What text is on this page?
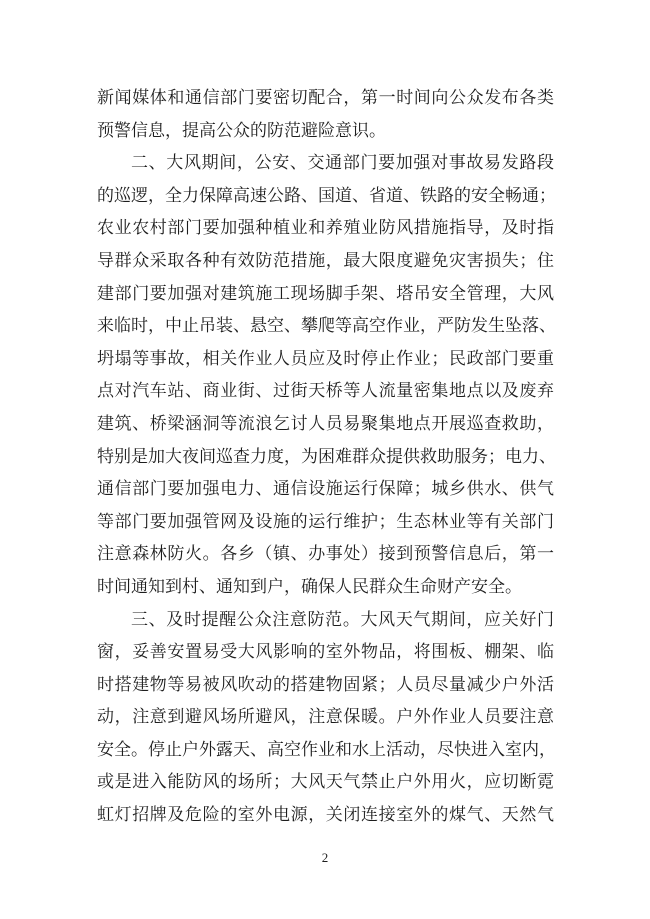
新闻媒体和通信部门要密切配合，第一时间向公众发布各类
预警信息，提高公众的防范避险意识。
二、大风期间，公安、交通部门要加强对事故易发路段
的巡逻，全力保障高速公路、国道、省道、铁路的安全畅通；
农业农村部门要加强种植业和养殖业防风措施指导，及时指
导群众采取各种有效防范措施，最大限度避免灾害损失；住
建部门要加强对建筑施工现场脚手架、塔吊安全管理，大风
来临时，中止吊装、悬空、攀爬等高空作业，严防发生坠落、
坍塌等事故，相关作业人员应及时停止作业；民政部门要重
点对汽车站、商业街、过街天桥等人流量密集地点以及废弃
建筑、桥梁涵洞等流浪乞讨人员易聚集地点开展巡查救助，
特别是加大夜间巡查力度，为困难群众提供救助服务；电力、
通信部门要加强电力、通信设施运行保障；城乡供水、供气
等部门要加强管网及设施的运行维护；生态林业等有关部门
注意森林防火。各乡（镇、办事处）接到预警信息后，第一
时间通知到村、通知到户，确保人民群众生命财产安全。
三、及时提醒公众注意防范。大风天气期间，应关好门
窗，妥善安置易受大风影响的室外物品，将围板、棚架、临
时搭建物等易被风吹动的搭建物固紧；人员尽量减少户外活
动，注意到避风场所避风，注意保暖。户外作业人员要注意
安全。停止户外露天、高空作业和水上活动，尽快进入室内，
或是进入能防风的场所；大风天气禁止户外用火，应切断霓
虹灯招牌及危险的室外电源，关闭连接室外的煤气、天然气
2
